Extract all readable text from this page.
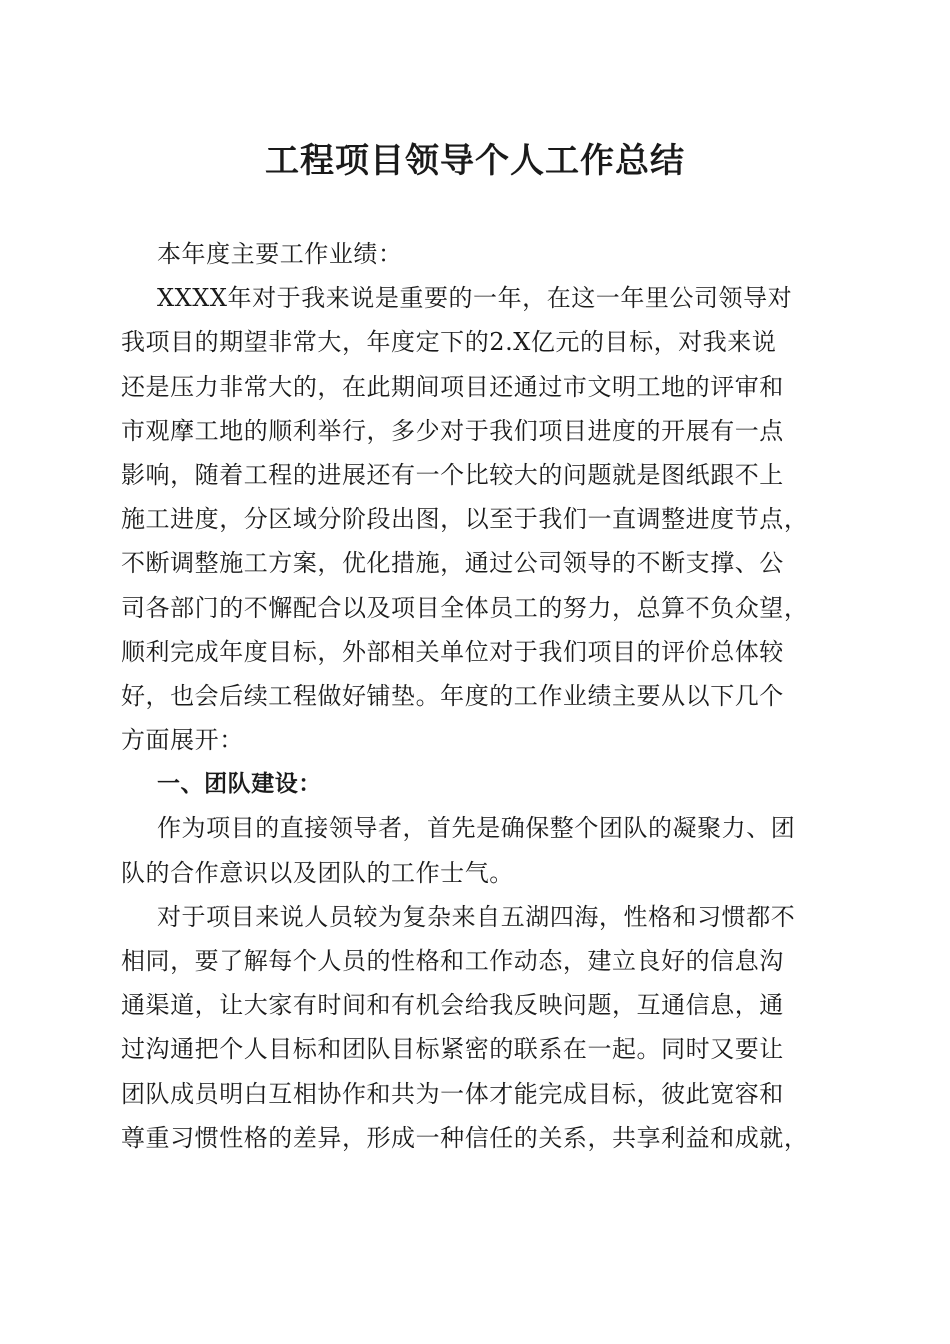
工程项目领导个人工作总结
本年度主要工作业绩：
XXXX年对于我来说是重要的一年，在这一年里公司领导对
我项目的期望非常大，年度定下的2.X亿元的目标，对我来说
还是压力非常大的，在此期间项目还通过市文明工地的评审和
市观摩工地的顺利举行，多少对于我们项目进度的开展有一点
影响，随着工程的进展还有一个比较大的问题就是图纸跟不上
施工进度，分区域分阶段出图，以至于我们一直调整进度节点，
不断调整施工方案，优化措施，通过公司领导的不断支撑、公
司各部门的不懈配合以及项目全体员工的努力，总算不负众望，
顺利完成年度目标，外部相关单位对于我们项目的评价总体较
好，也会后续工程做好铺垫。年度的工作业绩主要从以下几个
方面展开：
一、团队建设：
作为项目的直接领导者，首先是确保整个团队的凝聚力、团
队的合作意识以及团队的工作士气。
对于项目来说人员较为复杂来自五湖四海，性格和习惯都不
相同，要了解每个人员的性格和工作动态，建立良好的信息沟
通渠道，让大家有时间和有机会给我反映问题，互通信息，通
过沟通把个人目标和团队目标紧密的联系在一起。同时又要让
团队成员明白互相协作和共为一体才能完成目标，彼此宽容和
尊重习惯性格的差异，形成一种信任的关系，共享利益和成就，
